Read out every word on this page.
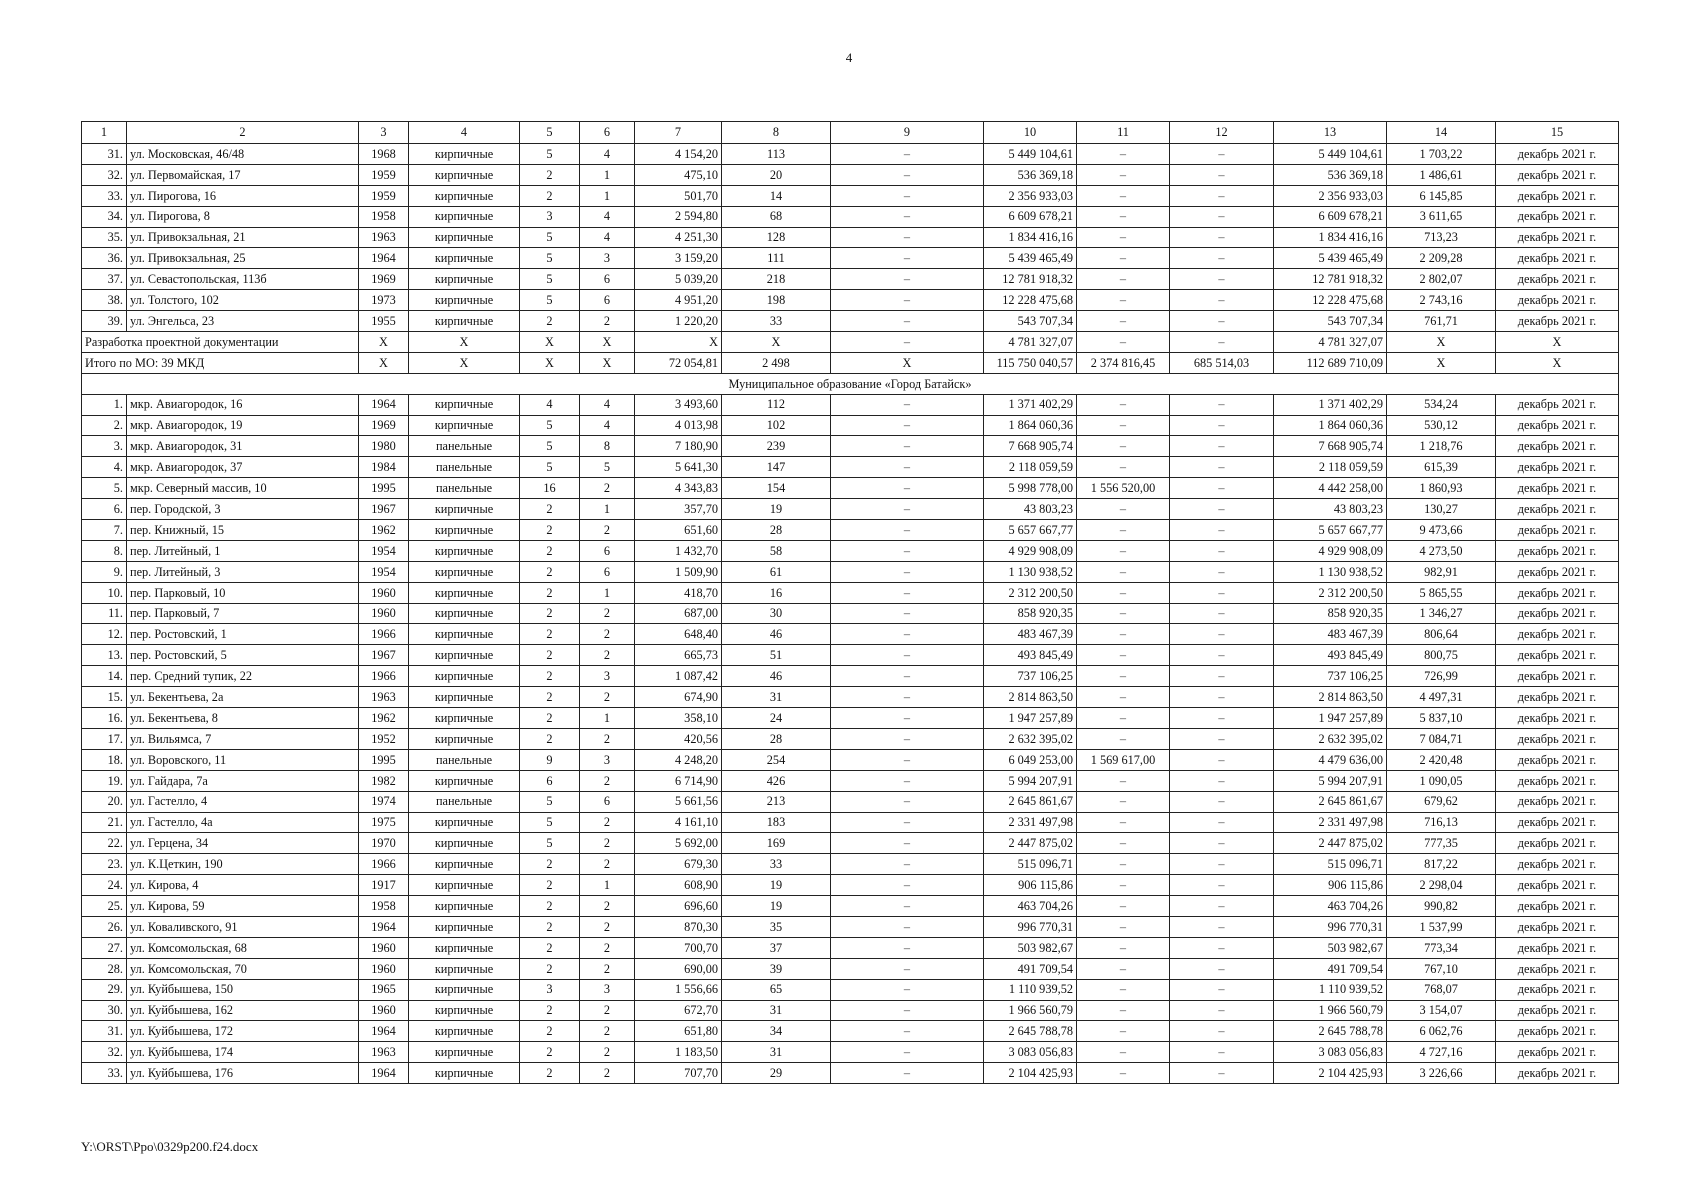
4
1	2	3	4	5	6	7	8	9	10	11	12	13	14	15
31.	ул. Московская, 46/48	1968	кирпичные	5	4	4 154,20	113	–	5 449 104,61	–	–	5 449 104,61	1 703,22	декабрь 2021 г.
32.	ул. Первомайская, 17	1959	кирпичные	2	1	475,10	20	–	536 369,18	–	–	536 369,18	1 486,61	декабрь 2021 г.
33.	ул. Пирогова, 16	1959	кирпичные	2	1	501,70	14	–	2 356 933,03	–	–	2 356 933,03	6 145,85	декабрь 2021 г.
34.	ул. Пирогова, 8	1958	кирпичные	3	4	2 594,80	68	–	6 609 678,21	–	–	6 609 678,21	3 611,65	декабрь 2021 г.
35.	ул. Привокзальная, 21	1963	кирпичные	5	4	4 251,30	128	–	1 834 416,16	–	–	1 834 416,16	713,23	декабрь 2021 г.
36.	ул. Привокзальная, 25	1964	кирпичные	5	3	3 159,20	111	–	5 439 465,49	–	–	5 439 465,49	2 209,28	декабрь 2021 г.
37.	ул. Севастопольская, 113б	1969	кирпичные	5	6	5 039,20	218	–	12 781 918,32	–	–	12 781 918,32	2 802,07	декабрь 2021 г.
38.	ул. Толстого, 102	1973	кирпичные	5	6	4 951,20	198	–	12 228 475,68	–	–	12 228 475,68	2 743,16	декабрь 2021 г.
39.	ул. Энгельса, 23	1955	кирпичные	2	2	1 220,20	33	–	543 707,34	–	–	543 707,34	761,71	декабрь 2021 г.
Разработка проектной документации		X	X	X	X	X	X	–	4 781 327,07	–	–	4 781 327,07	X	X
Итого по МО: 39 МКД		X	X	X	X	72 054,81	2 498	X	115 750 040,57	2 374 816,45	685 514,03	112 689 710,09	X	X
Муниципальное образование «Город Батайск»														
1.	мкр. Авиагородок, 16	1964	кирпичные	4	4	3 493,60	112	–	1 371 402,29	–	–	1 371 402,29	534,24	декабрь 2021 г.
2.	мкр. Авиагородок, 19	1969	кирпичные	5	4	4 013,98	102	–	1 864 060,36	–	–	1 864 060,36	530,12	декабрь 2021 г.
3.	мкр. Авиагородок, 31	1980	панельные	5	8	7 180,90	239	–	7 668 905,74	–	–	7 668 905,74	1 218,76	декабрь 2021 г.
4.	мкр. Авиагородок, 37	1984	панельные	5	5	5 641,30	147	–	2 118 059,59	–	–	2 118 059,59	615,39	декабрь 2021 г.
5.	мкр. Северный массив, 10	1995	панельные	16	2	4 343,83	154	–	5 998 778,00	1 556 520,00	–	4 442 258,00	1 860,93	декабрь 2021 г.
6.	пер. Городской, 3	1967	кирпичные	2	1	357,70	19	–	43 803,23	–	–	43 803,23	130,27	декабрь 2021 г.
7.	пер. Книжный, 15	1962	кирпичные	2	2	651,60	28	–	5 657 667,77	–	–	5 657 667,77	9 473,66	декабрь 2021 г.
8.	пер. Литейный, 1	1954	кирпичные	2	6	1 432,70	58	–	4 929 908,09	–	–	4 929 908,09	4 273,50	декабрь 2021 г.
9.	пер. Литейный, 3	1954	кирпичные	2	6	1 509,90	61	–	1 130 938,52	–	–	1 130 938,52	982,91	декабрь 2021 г.
10.	пер. Парковый, 10	1960	кирпичные	2	1	418,70	16	–	2 312 200,50	–	–	2 312 200,50	5 865,55	декабрь 2021 г.
11.	пер. Парковый, 7	1960	кирпичные	2	2	687,00	30	–	858 920,35	–	–	858 920,35	1 346,27	декабрь 2021 г.
12.	пер. Ростовский, 1	1966	кирпичные	2	2	648,40	46	–	483 467,39	–	–	483 467,39	806,64	декабрь 2021 г.
13.	пер. Ростовский, 5	1967	кирпичные	2	2	665,73	51	–	493 845,49	–	–	493 845,49	800,75	декабрь 2021 г.
14.	пер. Средний тупик, 22	1966	кирпичные	2	3	1 087,42	46	–	737 106,25	–	–	737 106,25	726,99	декабрь 2021 г.
15.	ул. Бекентьева, 2а	1963	кирпичные	2	2	674,90	31	–	2 814 863,50	–	–	2 814 863,50	4 497,31	декабрь 2021 г.
16.	ул. Бекентьева, 8	1962	кирпичные	2	1	358,10	24	–	1 947 257,89	–	–	1 947 257,89	5 837,10	декабрь 2021 г.
17.	ул. Вильямса, 7	1952	кирпичные	2	2	420,56	28	–	2 632 395,02	–	–	2 632 395,02	7 084,71	декабрь 2021 г.
18.	ул. Воровского, 11	1995	панельные	9	3	4 248,20	254	–	6 049 253,00	1 569 617,00	–	4 479 636,00	2 420,48	декабрь 2021 г.
19.	ул. Гайдара, 7а	1982	кирпичные	6	2	6 714,90	426	–	5 994 207,91	–	–	5 994 207,91	1 090,05	декабрь 2021 г.
20.	ул. Гастелло, 4	1974	панельные	5	6	5 661,56	213	–	2 645 861,67	–	–	2 645 861,67	679,62	декабрь 2021 г.
21.	ул. Гастелло, 4а	1975	кирпичные	5	2	4 161,10	183	–	2 331 497,98	–	–	2 331 497,98	716,13	декабрь 2021 г.
22.	ул. Герцена, 34	1970	кирпичные	5	2	5 692,00	169	–	2 447 875,02	–	–	2 447 875,02	777,35	декабрь 2021 г.
23.	ул. К.Цеткин, 190	1966	кирпичные	2	2	679,30	33	–	515 096,71	–	–	515 096,71	817,22	декабрь 2021 г.
24.	ул. Кирова, 4	1917	кирпичные	2	1	608,90	19	–	906 115,86	–	–	906 115,86	2 298,04	декабрь 2021 г.
25.	ул. Кирова, 59	1958	кирпичные	2	2	696,60	19	–	463 704,26	–	–	463 704,26	990,82	декабрь 2021 г.
26.	ул. Коваливского, 91	1964	кирпичные	2	2	870,30	35	–	996 770,31	–	–	996 770,31	1 537,99	декабрь 2021 г.
27.	ул. Комсомольская, 68	1960	кирпичные	2	2	700,70	37	–	503 982,67	–	–	503 982,67	773,34	декабрь 2021 г.
28.	ул. Комсомольская, 70	1960	кирпичные	2	2	690,00	39	–	491 709,54	–	–	491 709,54	767,10	декабрь 2021 г.
29.	ул. Куйбышева, 150	1965	кирпичные	3	3	1 556,66	65	–	1 110 939,52	–	–	1 110 939,52	768,07	декабрь 2021 г.
30.	ул. Куйбышева, 162	1960	кирпичные	2	2	672,70	31	–	1 966 560,79	–	–	1 966 560,79	3 154,07	декабрь 2021 г.
31.	ул. Куйбышева, 172	1964	кирпичные	2	2	651,80	34	–	2 645 788,78	–	–	2 645 788,78	6 062,76	декабрь 2021 г.
32.	ул. Куйбышева, 174	1963	кирпичные	2	2	1 183,50	31	–	3 083 056,83	–	–	3 083 056,83	4 727,16	декабрь 2021 г.
33.	ул. Куйбышева, 176	1964	кирпичные	2	2	707,70	29	–	2 104 425,93	–	–	2 104 425,93	3 226,66	декабрь 2021 г.
Y:\ORST\Ppo\0329p200.f24.docx
